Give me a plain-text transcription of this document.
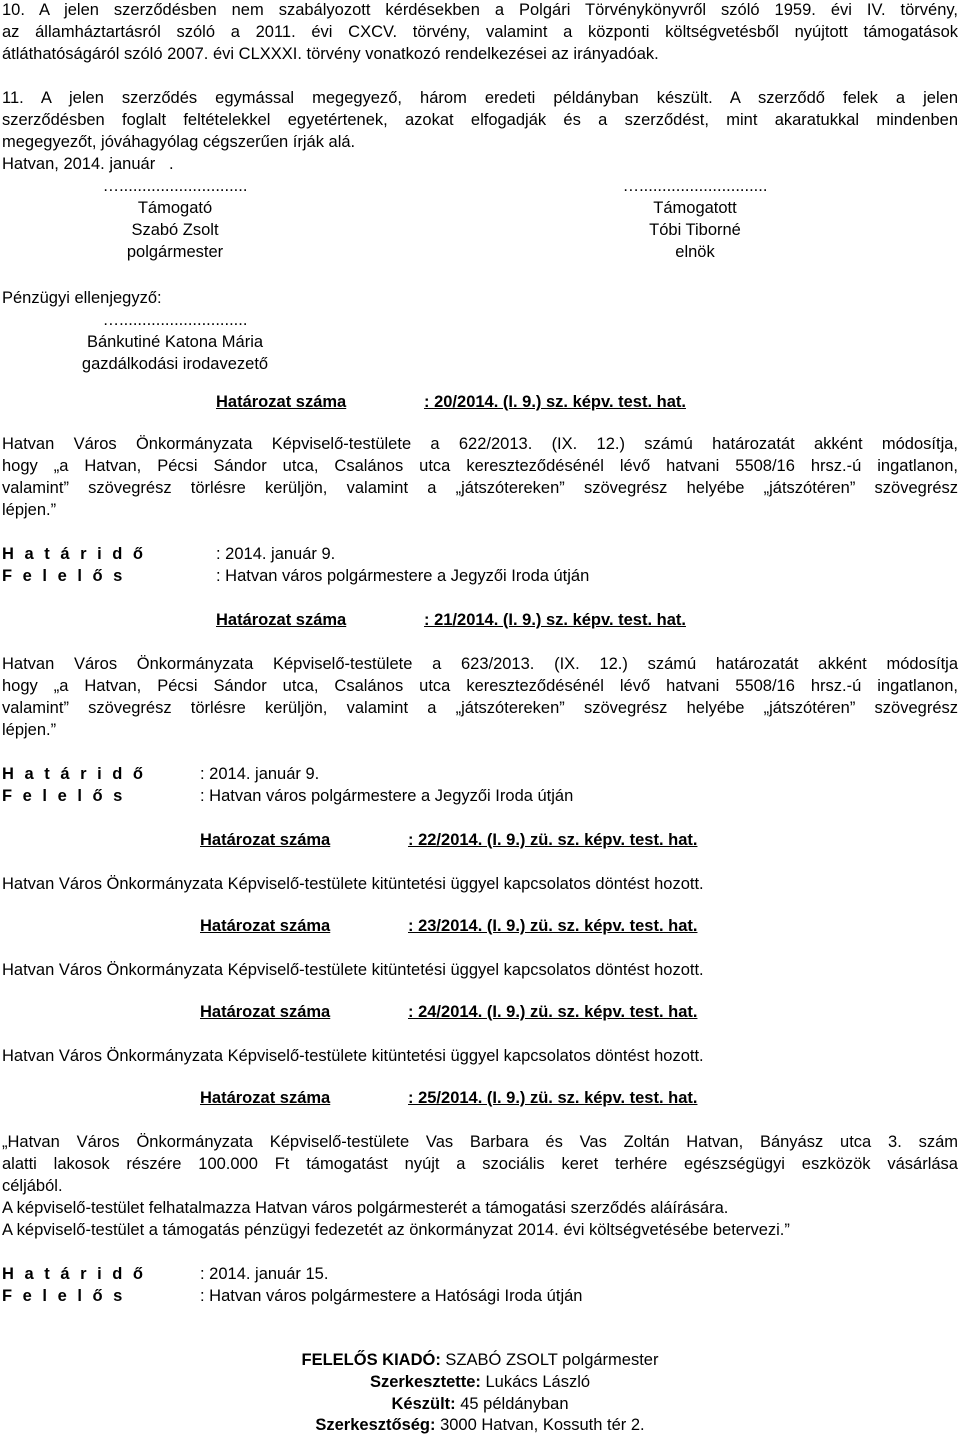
10. A jelen szerződésben nem szabályozott kérdésekben a Polgári Törvénykönyvről szóló 1959. évi IV. törvény,
az államháztartásról szóló a 2011. évi CXCV. törvény, valamint a központi költségvetésből nyújtott támogatások
átláthatóságáról szóló 2007. évi CLXXXI. törvény vonatkozó rendelkezései az irányadóak.
11. A jelen szerződés egymással megegyező, három eredeti példányban készült. A szerződő felek a jelen
szerződésben foglalt feltételekkel egyetértenek, azokat elfogadják és a szerződést, mint akaratukkal mindenben
megegyezőt, jóváhagyólag cégszerűen írják alá.
Hatvan, 2014. január   .
…............................
Támogató
Szabó Zsolt
polgármester
…............................
Támogatott
Tóbi Tiborné
elnök
Pénzügyi ellenjegyző:
…............................
Bánkutiné Katona Mária
gazdálkodási irodavezető
Határozat száma	: 20/2014. (I. 9.) sz. képv. test. hat.
Hatvan Város Önkormányzata Képviselő-testülete a 622/2013. (IX. 12.) számú határozatát akként módosítja,
hogy „a Hatvan, Pécsi Sándor utca, Csalános utca kereszteződésénél lévő hatvani 5508/16 hrsz.-ú ingatlanon,
valamint” szövegrész törlésre kerüljön, valamint a „játszótereken” szövegrész helyébe „játszótéren” szövegrész
lépjen.”
H a t á r i d ő	: 2014. január 9.
F e l e l ő s	: Hatvan város polgármestere a Jegyzői Iroda útján
Határozat száma	: 21/2014. (I. 9.) sz. képv. test. hat.
Hatvan Város Önkormányzata Képviselő-testülete a 623/2013. (IX. 12.) számú határozatát akként módosítja
hogy „a Hatvan, Pécsi Sándor utca, Csalános utca kereszteződésénél lévő hatvani 5508/16 hrsz.-ú ingatlanon,
valamint” szövegrész törlésre kerüljön, valamint a „játszótereken” szövegrész helyébe „játszótéren” szövegrész
lépjen.”
H a t á r i d ő	: 2014. január 9.
F e l e l ő s	: Hatvan város polgármestere a Jegyzői Iroda útján
Határozat száma	: 22/2014. (I. 9.) zü. sz. képv. test. hat.
Hatvan Város Önkormányzata Képviselő-testülete kitüntetési üggyel kapcsolatos döntést hozott.
Határozat száma	: 23/2014. (I. 9.) zü. sz. képv. test. hat.
Hatvan Város Önkormányzata Képviselő-testülete kitüntetési üggyel kapcsolatos döntést hozott.
Határozat száma	: 24/2014. (I. 9.) zü. sz. képv. test. hat.
Hatvan Város Önkormányzata Képviselő-testülete kitüntetési üggyel kapcsolatos döntést hozott.
Határozat száma	: 25/2014. (I. 9.) zü. sz. képv. test. hat.
„Hatvan Város Önkormányzata Képviselő-testülete Vas Barbara és Vas Zoltán Hatvan, Bányász utca 3. szám
alatti lakosok részére 100.000 Ft támogatást nyújt a szociális keret terhére egészségügyi eszközök vásárlása
céljából.
A képviselő-testület felhatalmazza Hatvan város polgármesterét a támogatási szerződés aláírására.
A képviselő-testület a támogatás pénzügyi fedezetét az önkormányzat 2014. évi költségvetésébe betervezi.”
H a t á r i d ő	: 2014. január 15.
F e l e l ő s	: Hatvan város polgármestere a Hatósági Iroda útján
FELELŐS KIADÓ: SZABÓ ZSOLT polgármester
Szerkesztette: Lukács László
Készült: 45 példányban
Szerkesztőség: 3000 Hatvan, Kossuth tér 2.
